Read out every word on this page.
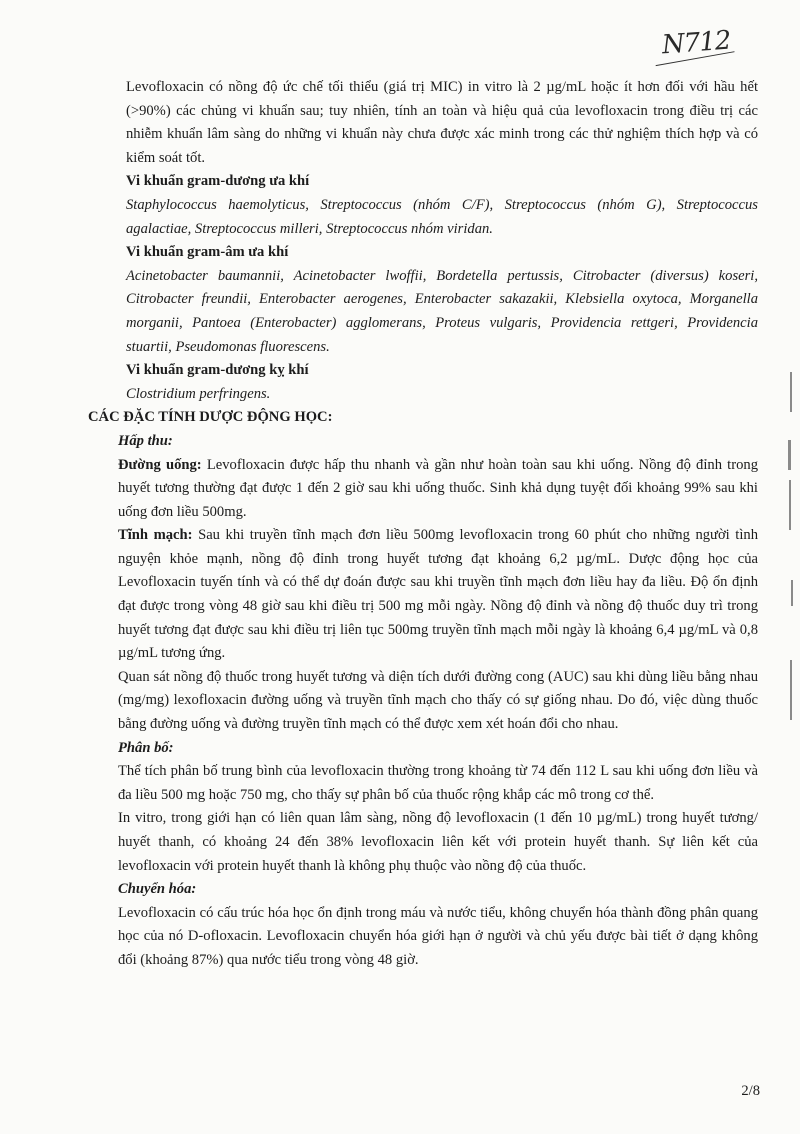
N712

Levofloxacin có nồng độ ức chế tối thiểu (giá trị MIC) in vitro là 2 µg/mL hoặc ít hơn đối với hầu hết (>90%) các chủng vi khuẩn sau; tuy nhiên, tính an toàn và hiệu quả của levofloxacin trong điều trị các nhiễm khuẩn lâm sàng do những vi khuẩn này chưa được xác minh trong các thử nghiệm thích hợp và có kiểm soát tốt.

Vi khuẩn gram-dương ưa khí

Staphylococcus haemolyticus, Streptococcus (nhóm C/F), Streptococcus (nhóm G), Streptococcus agalactiae, Streptococcus milleri, Streptococcus nhóm viridan.

Vi khuẩn gram-âm ưa khí

Acinetobacter baumannii, Acinetobacter lwoffii, Bordetella pertussis, Citrobacter (diversus) koseri, Citrobacter freundii, Enterobacter aerogenes, Enterobacter sakazakii, Klebsiella oxytoca, Morganella morganii, Pantoea (Enterobacter) agglomerans, Proteus vulgaris, Providencia rettgeri, Providencia stuartii, Pseudomonas fluorescens.

Vi khuẩn gram-dương kỵ khí

Clostridium perfringens.

CÁC ĐẶC TÍNH DƯỢC ĐỘNG HỌC:

Hấp thu:

Đường uống: Levofloxacin được hấp thu nhanh và gần như hoàn toàn sau khi uống. Nồng độ đỉnh trong huyết tương thường đạt được 1 đến 2 giờ sau khi uống thuốc. Sinh khả dụng tuyệt đối khoảng 99% sau khi uống đơn liều 500mg.

Tĩnh mạch: Sau khi truyền tĩnh mạch đơn liều 500mg levofloxacin trong 60 phút cho những người tình nguyện khỏe mạnh, nồng độ đỉnh trong huyết tương đạt khoảng 6,2 µg/mL. Dược động học của Levofloxacin tuyến tính và có thể dự đoán được sau khi truyền tĩnh mạch đơn liều hay đa liều. Độ ổn định đạt được trong vòng 48 giờ sau khi điều trị 500 mg mỗi ngày. Nồng độ đỉnh và nồng độ thuốc duy trì trong huyết tương đạt được sau khi điều trị liên tục 500mg truyền tĩnh mạch mỗi ngày là khoảng 6,4 µg/mL và 0,8 µg/mL tương ứng.

Quan sát nồng độ thuốc trong huyết tương và diện tích dưới đường cong (AUC) sau khi dùng liều bằng nhau (mg/mg) lexofloxacin đường uống và truyền tĩnh mạch cho thấy có sự giống nhau. Do đó, việc dùng thuốc bằng đường uống và đường truyền tĩnh mạch có thể được xem xét hoán đổi cho nhau.

Phân bố:

Thể tích phân bố trung bình của levofloxacin thường trong khoảng từ 74 đến 112 L sau khi uống đơn liều và đa liều 500 mg hoặc 750 mg, cho thấy sự phân bố của thuốc rộng khắp các mô trong cơ thể.

In vitro, trong giới hạn có liên quan lâm sàng, nồng độ levofloxacin (1 đến 10 µg/mL) trong huyết tương/ huyết thanh, có khoảng 24 đến 38% levofloxacin liên kết với protein huyết thanh. Sự liên kết của levofloxacin với protein huyết thanh là không phụ thuộc vào nồng độ của thuốc.

Chuyển hóa:

Levofloxacin có cấu trúc hóa học ổn định trong máu và nước tiểu, không chuyển hóa thành đồng phân quang học của nó D-ofloxacin. Levofloxacin chuyển hóa giới hạn ở người và chủ yếu được bài tiết ở dạng không đổi (khoảng 87%) qua nước tiểu trong vòng 48 giờ.

2/8
